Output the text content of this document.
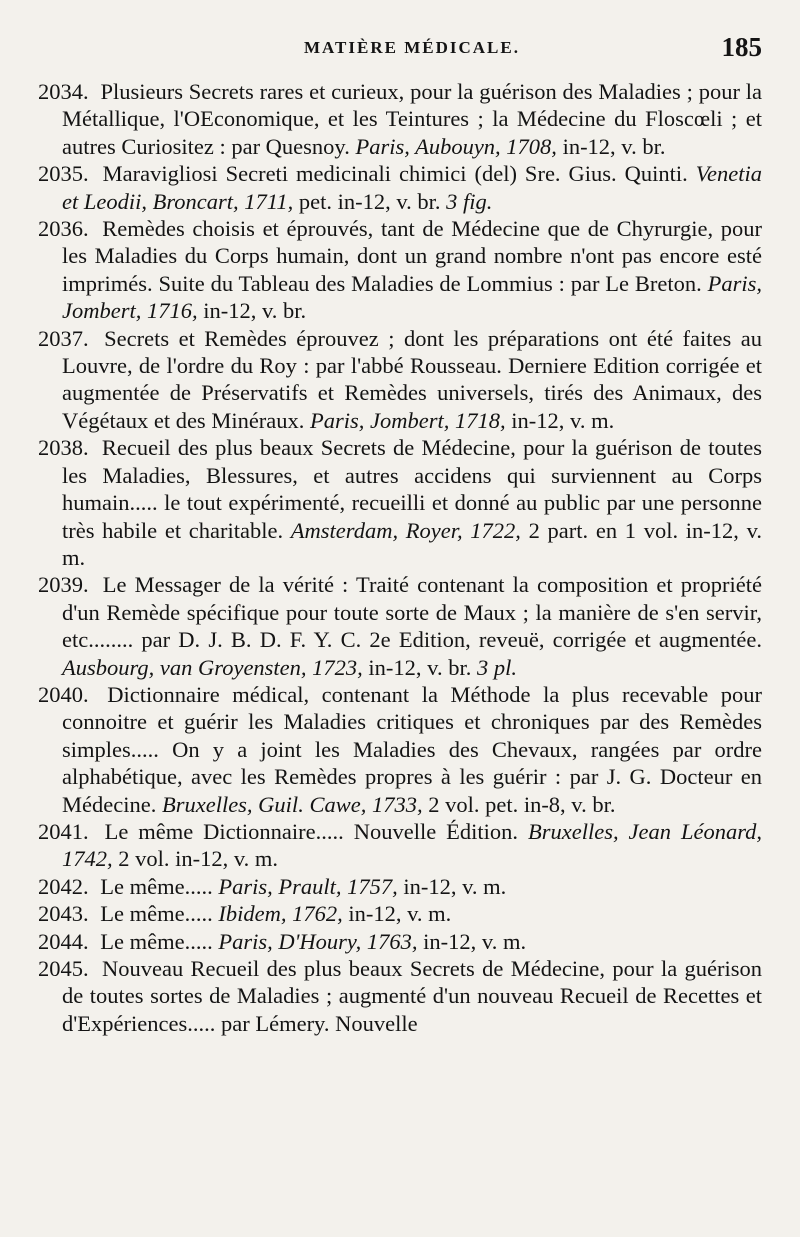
MATIÈRE MÉDICALE.	185

2034. Plusieurs Secrets rares et curieux, pour la guérison des Maladies ; pour la Métallique, l'OEconomique, et les Teintures ; la Médecine du Floscœli ; et autres Curiositez : par Quesnoy. Paris, Aubouyn, 1708, in-12, v. br.

2035. Maravigliosi Secreti medicinali chimici (del) Sre. Gius. Quinti. Venetia et Leodii, Broncart, 1711, pet. in-12, v. br. 3 fig.

2036. Remèdes choisis et éprouvés, tant de Médecine que de Chyrurgie, pour les Maladies du Corps humain, dont un grand nombre n'ont pas encore esté imprimés. Suite du Tableau des Maladies de Lommius : par Le Breton. Paris, Jombert, 1716, in-12, v. br.

2037. Secrets et Remèdes éprouvez ; dont les préparations ont été faites au Louvre, de l'ordre du Roy : par l'abbé Rousseau. Derniere Edition corrigée et augmentée de Préservatifs et Remèdes universels, tirés des Animaux, des Végétaux et des Minéraux. Paris, Jombert, 1718, in-12, v. m.

2038. Recueil des plus beaux Secrets de Médecine, pour la guérison de toutes les Maladies, Blessures, et autres accidens qui surviennent au Corps humain..... le tout expérimenté, recueilli et donné au public par une personne très habile et charitable. Amsterdam, Royer, 1722, 2 part. en 1 vol. in-12, v. m.

2039. Le Messager de la vérité : Traité contenant la composition et propriété d'un Remède spécifique pour toute sorte de Maux ; la manière de s'en servir, etc........ par D. J. B. D. F. Y. C. 2e Edition, reveuë, corrigée et augmentée. Ausbourg, van Groyensten, 1723, in-12, v. br. 3 pl.

2040. Dictionnaire médical, contenant la Méthode la plus recevable pour connoitre et guérir les Maladies critiques et chroniques par des Remèdes simples..... On y a joint les Maladies des Chevaux, rangées par ordre alphabétique, avec les Remèdes propres à les guérir : par J. G. Docteur en Médecine. Bruxelles, Guil. Cawe, 1733, 2 vol. pet. in-8, v. br.

2041. Le même Dictionnaire..... Nouvelle Édition. Bruxelles, Jean Léonard, 1742, 2 vol. in-12, v. m.

2042. Le même..... Paris, Prault, 1757, in-12, v. m.

2043. Le même..... Ibidem, 1762, in-12, v. m.

2044. Le même..... Paris, D'Houry, 1763, in-12, v. m.

2045. Nouveau Recueil des plus beaux Secrets de Médecine, pour la guérison de toutes sortes de Maladies ; augmenté d'un nouveau Recueil de Recettes et d'Expériences..... par Lémery. Nouvelle
